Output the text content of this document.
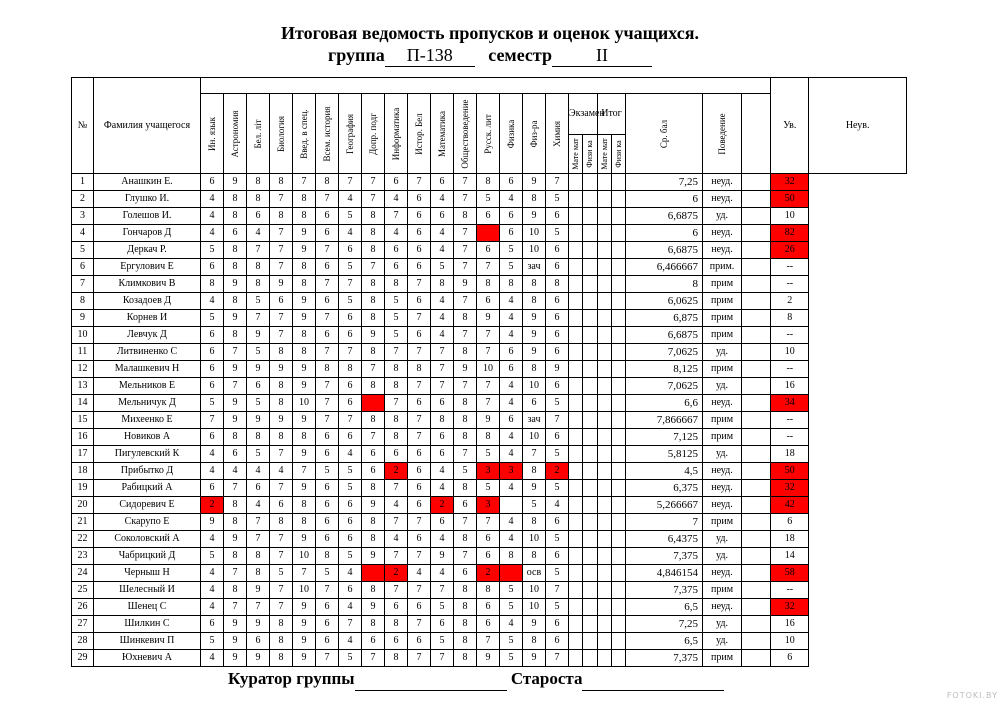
Итоговая ведомость пропусков и оценок учащихся.
группа П-138 семестр II
№	Фамилия учащегося																								Ув.	Неув.

		Ин. язык	Астрономия	Бел. літ	Биология	Введ. в спец.	Всем. история	География	Допр. подг	Информатика	Истор. Бел	Математика	Обществоведение	Русск. лит	Физика	Физ-ра	Химия	Экзамен		Итог		Ср. бал	Поведение			

																		Мате мат	Физи ка	Мате мат	Физи ка					

1	Анашкин Е.	6	9	8	8	7	8	7	7	6	7	6	7	8	6	9	7					7,25	неуд.		32	
2	Глушко И.	4	8	8	7	8	7	4	7	4	6	4	7	5	4	8	5					6	неуд.		50	
3	Голешов И.	4	8	6	8	8	6	5	8	7	6	6	8	6	6	9	6					6,6875	уд.		10	
4	Гончаров Д	4	6	4	7	9	6	4	8	4	6	4	7		6	10	5					6	неуд.		82	
5	Деркач Р.	5	8	7	7	9	7	6	8	6	6	4	7	6	5	10	6					6,6875	неуд.		26	
6	Ергулович Е	6	8	8	7	8	6	5	7	6	6	5	7	7	5	зач	6					6,466667	прим.		--	
7	Климкович В	8	9	8	9	8	7	7	8	8	7	8	9	8	8	8	8					8	прим		--	
8	Козадоев Д	4	8	5	6	9	6	5	8	5	6	4	7	6	4	8	6					6,0625	прим		2	
9	Корнев И	5	9	7	7	9	7	6	8	5	7	4	8	9	4	9	6					6,875	прим		8	
10	Левчук Д	6	8	9	7	8	6	6	9	5	6	4	7	7	4	9	6					6,6875	прим		--	
11	Литвиненко С	6	7	5	8	8	7	7	8	7	7	7	8	7	6	9	6					7,0625	уд.		10	
12	Малашкевич Н	6	9	9	9	9	8	8	7	8	8	7	9	10	6	8	9					8,125	прим		--	
13	Мельников Е	6	7	6	8	9	7	6	8	8	7	7	7	7	4	10	6					7,0625	уд.		16	
14	Мельничук Д	5	9	5	8	10	7	6		7	6	6	8	7	4	6	5					6,6	неуд.		34	
15	Михеенко Е	7	9	9	9	9	7	7	8	8	7	8	8	9	6	зач	7					7,866667	прим		--	
16	Новиков А	6	8	8	8	8	6	6	7	8	7	6	8	8	4	10	6					7,125	прим		--	
17	Пигулевский К	4	6	5	7	9	6	4	6	6	6	6	7	5	4	7	5					5,8125	уд.		18	
18	Прибытко Д	4	4	4	4	7	5	5	6	2	6	4	5	3	3	8	2					4,5	неуд.		50	
19	Рабицкий А	6	7	6	7	9	6	5	8	7	6	4	8	5	4	9	5					6,375	неуд.		32	
20	Сидоревич Е	2	8	4	6	8	6	6	9	4	6	2	6	3		5	4					5,266667	неуд.		42	
21	Скарупо Е	9	8	7	8	8	6	6	8	7	7	6	7	7	4	8	6					7	прим		6	
22	Соколовский А	4	9	7	7	9	6	6	8	4	6	4	8	6	4	10	5					6,4375	уд.		18	
23	Чабрицкий Д	5	8	8	7	10	8	5	9	7	7	9	7	6	8	8	6					7,375	уд.		14	
24	Черныш Н	4	7	8	5	7	5	4		2	4	4	6	2		осв	5					4,846154	неуд.		58	
25	Шелесный И	4	8	9	7	10	7	6	8	7	7	7	8	8	5	10	7					7,375	прим		--	
26	Шенец С	4	7	7	7	9	6	4	9	6	6	5	8	6	5	10	5					6,5	неуд.		32	
27	Шилкин С	6	9	9	8	9	6	7	8	8	7	6	8	6	4	9	6					7,25	уд.		16	
28	Шинкевич П	5	9	6	8	9	6	4	6	6	6	5	8	7	5	8	6					6,5	уд.		10	
29	Юхневич А	4	9	9	8	9	7	5	7	8	7	7	8	9	5	9	7					7,375	прим		6	
Куратор группы	Староста
FOTOKI.BY
